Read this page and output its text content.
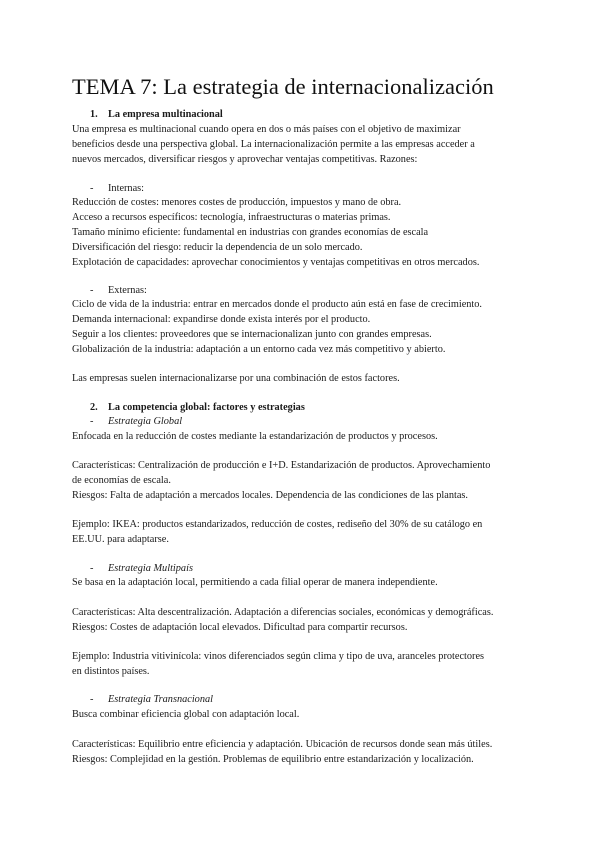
TEMA 7: La estrategia de internacionalización
1. La empresa multinacional
Una empresa es multinacional cuando opera en dos o más países con el objetivo de maximizar
beneficios desde una perspectiva global. La internacionalización permite a las empresas acceder a
nuevos mercados, diversificar riesgos y aprovechar ventajas competitivas. Razones:
- Internas:
Reducción de costes: menores costes de producción, impuestos y mano de obra.
Acceso a recursos específicos: tecnología, infraestructuras o materias primas.
Tamaño mínimo eficiente: fundamental en industrias con grandes economías de escala
Diversificación del riesgo: reducir la dependencia de un solo mercado.
Explotación de capacidades: aprovechar conocimientos y ventajas competitivas en otros mercados.
- Externas:
Ciclo de vida de la industria: entrar en mercados donde el producto aún está en fase de crecimiento.
Demanda internacional: expandirse donde exista interés por el producto.
Seguir a los clientes: proveedores que se internacionalizan junto con grandes empresas.
Globalización de la industria: adaptación a un entorno cada vez más competitivo y abierto.
Las empresas suelen internacionalizarse por una combinación de estos factores.
2. La competencia global: factores y estrategias
- Estrategia Global
Enfocada en la reducción de costes mediante la estandarización de productos y procesos.
Características: Centralización de producción e I+D. Estandarización de productos. Aprovechamiento
de economías de escala.
Riesgos: Falta de adaptación a mercados locales. Dependencia de las condiciones de las plantas.
Ejemplo: IKEA: productos estandarizados, reducción de costes, rediseño del 30% de su catálogo en
EE.UU. para adaptarse.
- Estrategia Multipaís
Se basa en la adaptación local, permitiendo a cada filial operar de manera independiente.
Características: Alta descentralización. Adaptación a diferencias sociales, económicas y demográficas.
Riesgos: Costes de adaptación local elevados. Dificultad para compartir recursos.
Ejemplo: Industria vitivinícola: vinos diferenciados según clima y tipo de uva, aranceles protectores
en distintos países.
- Estrategia Transnacional
Busca combinar eficiencia global con adaptación local.
Características: Equilibrio entre eficiencia y adaptación. Ubicación de recursos donde sean más útiles.
Riesgos: Complejidad en la gestión. Problemas de equilibrio entre estandarización y localización.
